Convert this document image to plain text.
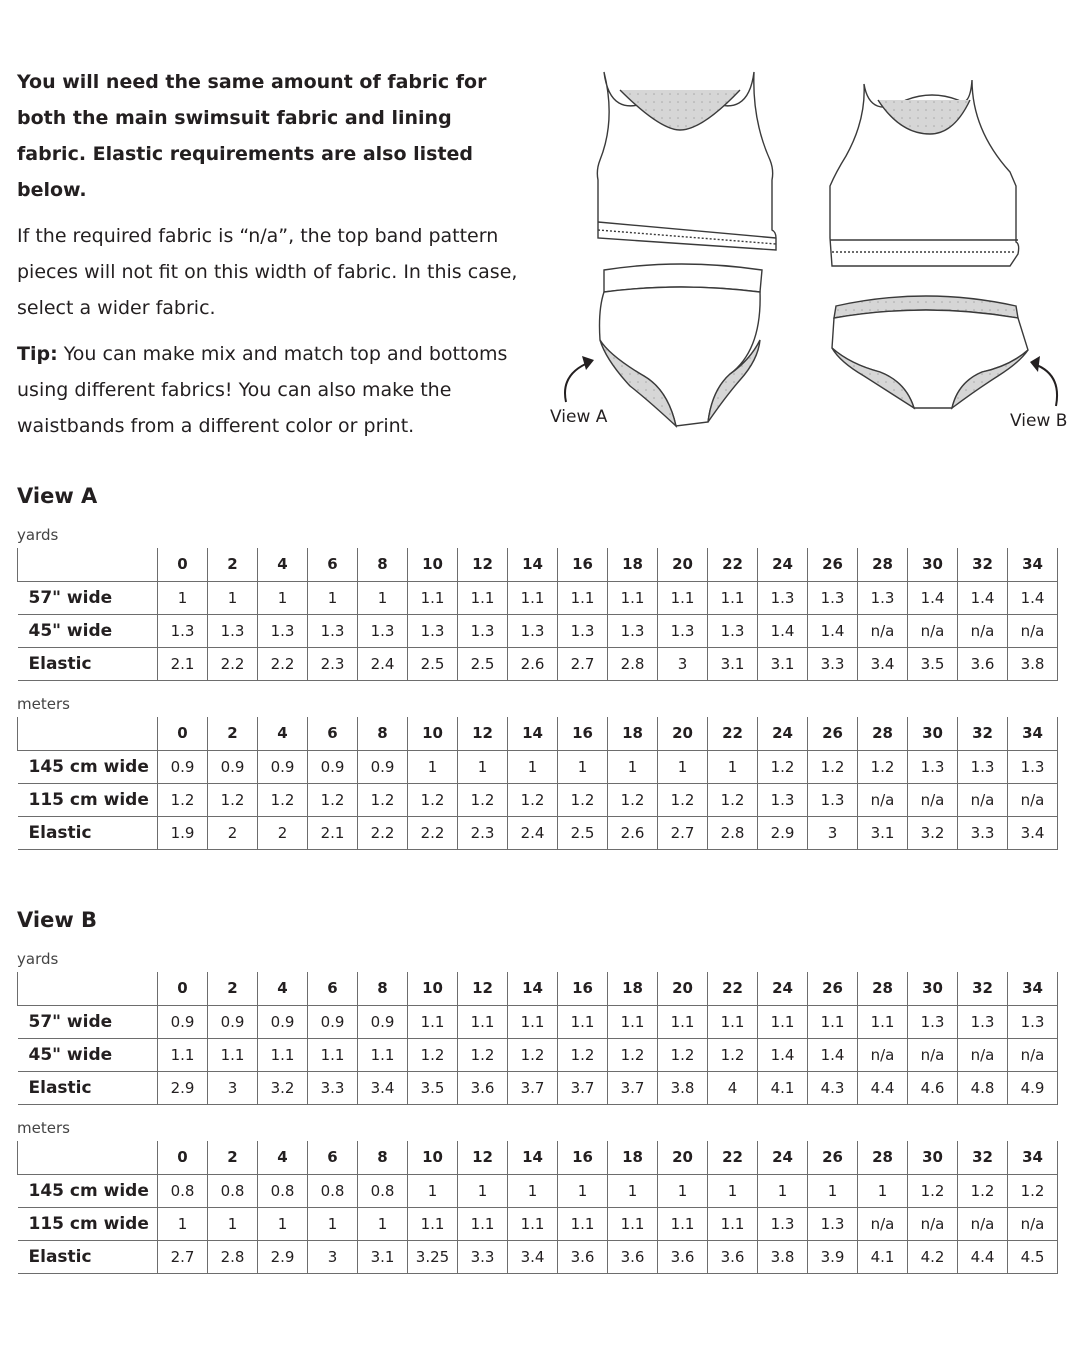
You will need the same amount of fabric for both the main swimsuit fabric and lining fabric. Elastic requirements are also listed below.

If the required fabric is “n/a”, the top band pattern pieces will not fit on this width of fabric. In this case, select a wider fabric.

Tip: You can make mix and match top and bottoms using different fabrics! You can also make the waistbands from a different color or print.	View A	View B
View A
yards
	0	2	4	6	8	10	12	14	16	18	20	22	24	26	28	30	32	34
57" wide	1	1	1	1	1	1.1	1.1	1.1	1.1	1.1	1.1	1.1	1.3	1.3	1.3	1.4	1.4	1.4
45" wide	1.3	1.3	1.3	1.3	1.3	1.3	1.3	1.3	1.3	1.3	1.3	1.3	1.4	1.4	n/a	n/a	n/a	n/a
Elastic	2.1	2.2	2.2	2.3	2.4	2.5	2.5	2.6	2.7	2.8	3	3.1	3.1	3.3	3.4	3.5	3.6	3.8
meters
	0	2	4	6	8	10	12	14	16	18	20	22	24	26	28	30	32	34
145 cm wide	0.9	0.9	0.9	0.9	0.9	1	1	1	1	1	1	1	1.2	1.2	1.2	1.3	1.3	1.3
115 cm wide	1.2	1.2	1.2	1.2	1.2	1.2	1.2	1.2	1.2	1.2	1.2	1.2	1.3	1.3	n/a	n/a	n/a	n/a
Elastic	1.9	2	2	2.1	2.2	2.2	2.3	2.4	2.5	2.6	2.7	2.8	2.9	3	3.1	3.2	3.3	3.4
View B
yards
	0	2	4	6	8	10	12	14	16	18	20	22	24	26	28	30	32	34
57" wide	0.9	0.9	0.9	0.9	0.9	1.1	1.1	1.1	1.1	1.1	1.1	1.1	1.1	1.1	1.1	1.3	1.3	1.3
45" wide	1.1	1.1	1.1	1.1	1.1	1.2	1.2	1.2	1.2	1.2	1.2	1.2	1.4	1.4	n/a	n/a	n/a	n/a
Elastic	2.9	3	3.2	3.3	3.4	3.5	3.6	3.7	3.7	3.7	3.8	4	4.1	4.3	4.4	4.6	4.8	4.9
meters
	0	2	4	6	8	10	12	14	16	18	20	22	24	26	28	30	32	34
145 cm wide	0.8	0.8	0.8	0.8	0.8	1	1	1	1	1	1	1	1	1	1	1.2	1.2	1.2
115 cm wide	1	1	1	1	1	1.1	1.1	1.1	1.1	1.1	1.1	1.1	1.3	1.3	n/a	n/a	n/a	n/a
Elastic	2.7	2.8	2.9	3	3.1	3.25	3.3	3.4	3.6	3.6	3.6	3.6	3.8	3.9	4.1	4.2	4.4	4.5
